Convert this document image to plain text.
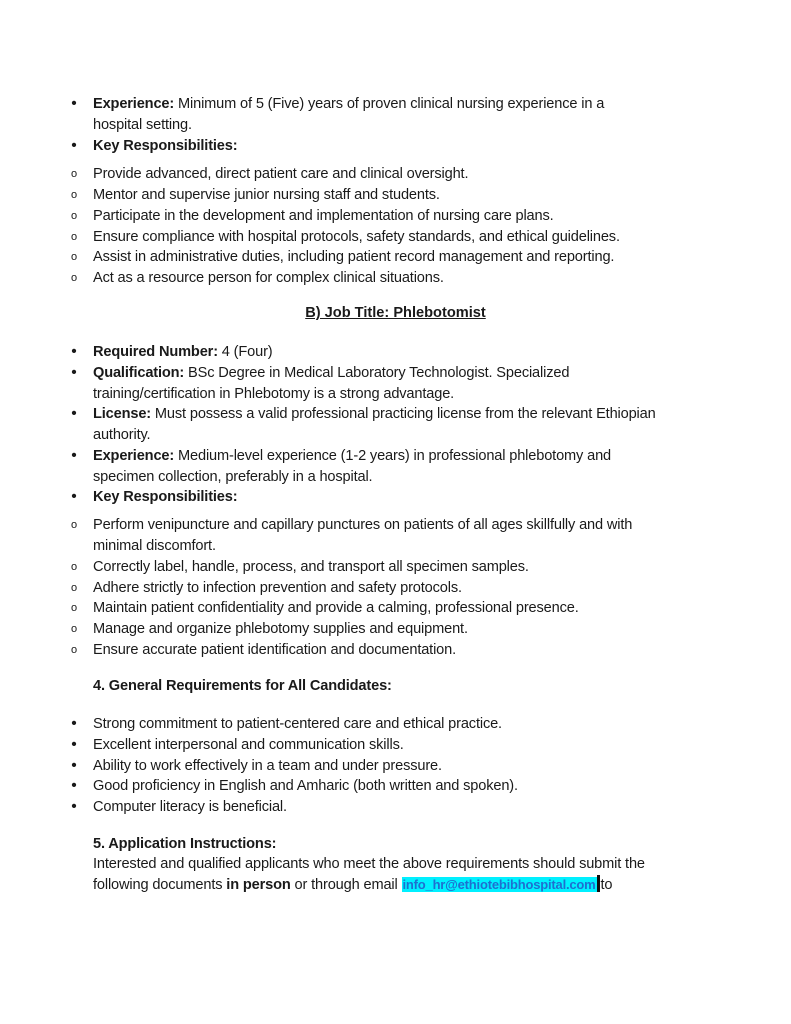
•
Experience: Minimum of 5 (Five) years of proven clinical nursing experience in a
hospital setting.
•
Key Responsibilities:
o
Provide advanced, direct patient care and clinical oversight.
o
Mentor and supervise junior nursing staff and students.
o
Participate in the development and implementation of nursing care plans.
o
Ensure compliance with hospital protocols, safety standards, and ethical guidelines.
o
Assist in administrative duties, including patient record management and reporting.
o
Act as a resource person for complex clinical situations.
B) Job Title: Phlebotomist
•
Required Number: 4 (Four)
•
Qualification: BSc Degree in Medical Laboratory Technologist. Specialized
training/certification in Phlebotomy is a strong advantage.
•
License: Must possess a valid professional practicing license from the relevant Ethiopian
authority.
•
Experience: Medium-level experience (1-2 years) in professional phlebotomy and
specimen collection, preferably in a hospital.
•
Key Responsibilities:
o
Perform venipuncture and capillary punctures on patients of all ages skillfully and with
minimal discomfort.
o
Correctly label, handle, process, and transport all specimen samples.
o
Adhere strictly to infection prevention and safety protocols.
o
Maintain patient confidentiality and provide a calming, professional presence.
o
Manage and organize phlebotomy supplies and equipment.
o
Ensure accurate patient identification and documentation.
4. General Requirements for All Candidates:
•
Strong commitment to patient-centered care and ethical practice.
•
Excellent interpersonal and communication skills.
•
Ability to work effectively in a team and under pressure.
•
Good proficiency in English and Amharic (both written and spoken).
•
Computer literacy is beneficial.
5. Application Instructions:
Interested and qualified applicants who meet the above requirements should submit the
following documents in person or through email info_hr@ethiotebibhospital.com to
